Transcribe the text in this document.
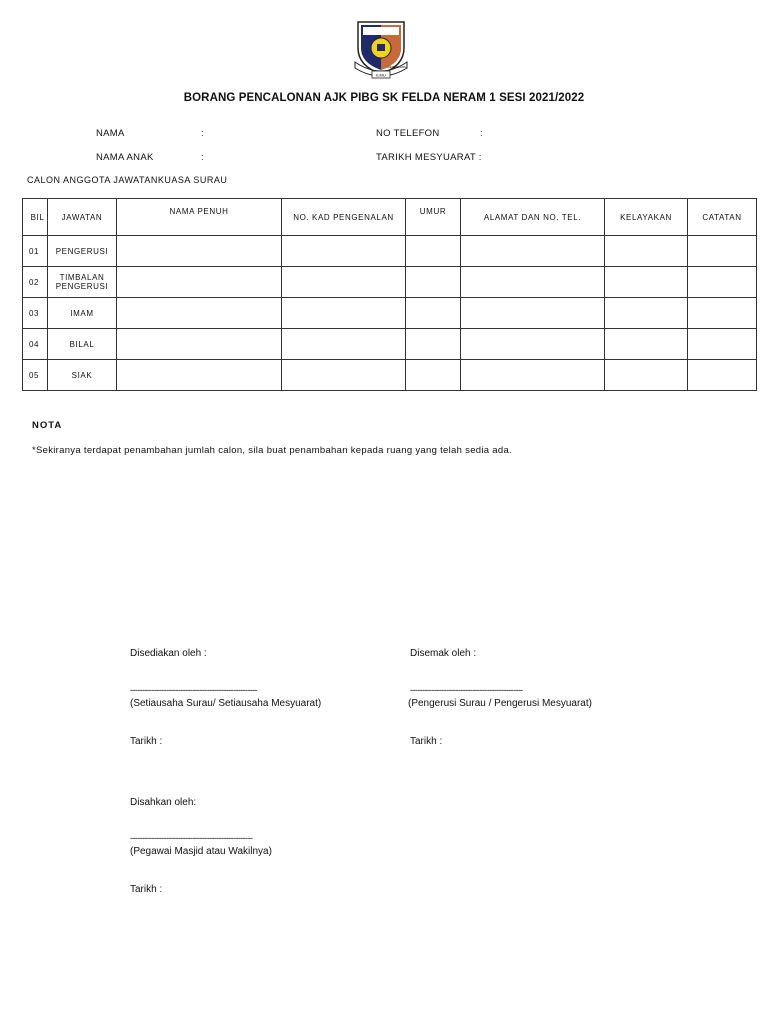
ILMU
CEMERLANG
BORANG PENCALONAN AJK PIBG SK FELDA NERAM 1 SESI 2021/2022
NAMA	:
NAMA ANAK	:
NO TELEFON	:
TARIKH MESYUARAT :
CALON ANGGOTA JAWATANKUASA SURAU
BIL	JAWATAN	NAMA PENUH	NO. KAD PENGENALAN	UMUR	ALAMAT DAN NO. TEL.	KELAYAKAN	CATATAN
01	PENGERUSI						
02	TIMBALAN
PENGERUSI						
03	IMAM						
04	BILAL						
05	SIAK						
NOTA
*Sekiranya terdapat penambahan jumlah calon, sila buat penambahan kepada ruang yang telah sedia ada.
Disediakan oleh :
-----------------------------------------------------
(Setiausaha Surau/ Setiausaha Mesyuarat)
Tarikh :
Disemak oleh :
-----------------------------------------------
(Pengerusi Surau / Pengerusi Mesyuarat)
Tarikh :
Disahkan oleh:
---------------------------------------------------
(Pegawai Masjid atau Wakilnya)
Tarikh :
